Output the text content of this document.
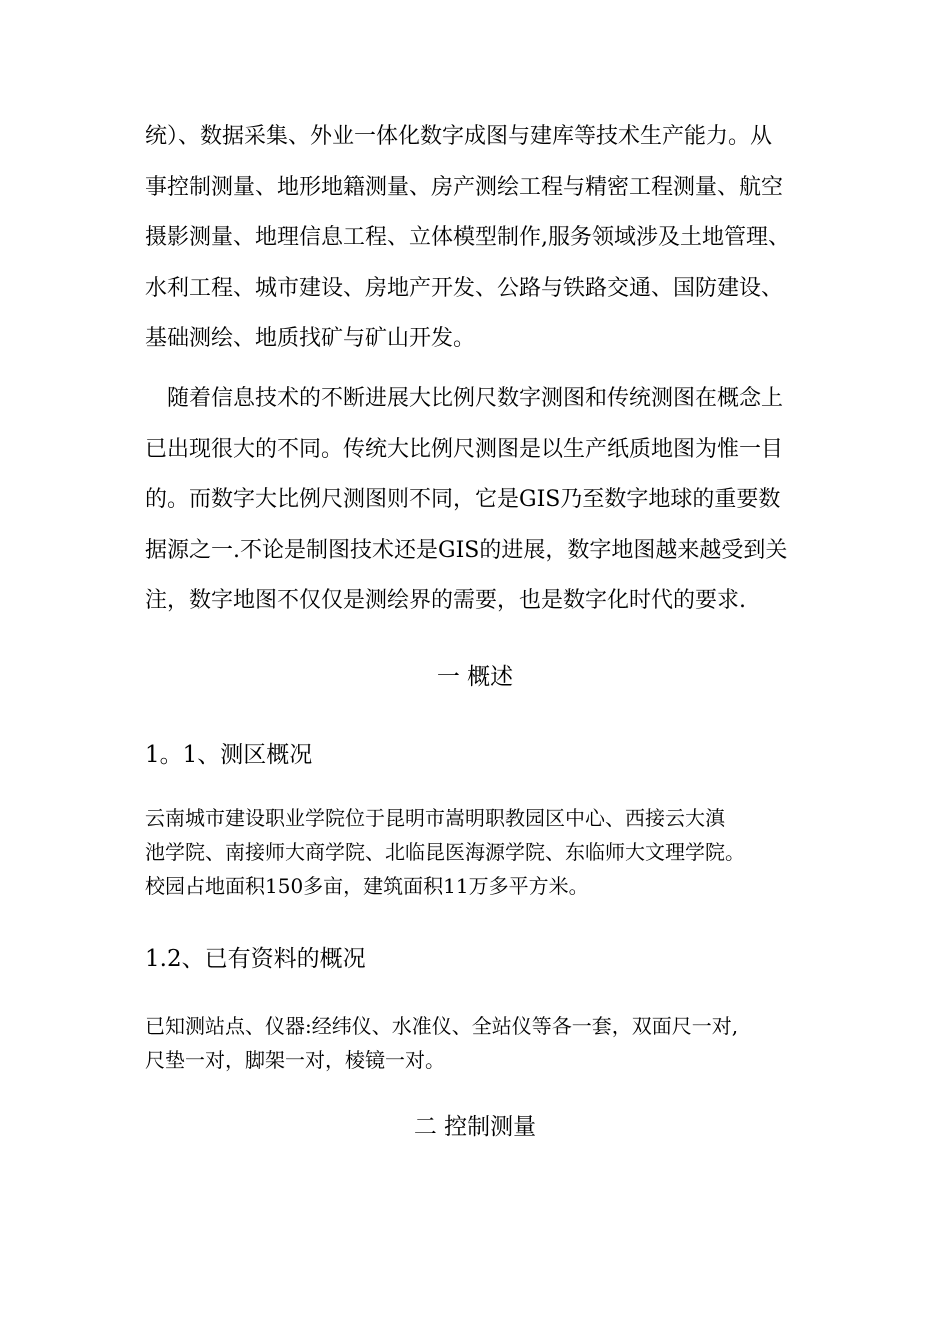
统）、数据采集、外业一体化数字成图与建库等技术生产能力。从
事控制测量、地形地籍测量、房产测绘工程与精密工程测量、航空
摄影测量、地理信息工程、立体模型制作,服务领域涉及土地管理、
水利工程、城市建设、房地产开发、公路与铁路交通、国防建设、
基础测绘、地质找矿与矿山开发。
随着信息技术的不断进展大比例尺数字测图和传统测图在概念上
已出现很大的不同。传统大比例尺测图是以生产纸质地图为惟一目
的。而数字大比例尺测图则不同，它是GIS乃至数字地球的重要数
据源之一.不论是制图技术还是GIS的进展，数字地图越来越受到关
注，数字地图不仅仅是测绘界的需要，也是数字化时代的要求.
一 概述
1。1、测区概况
云南城市建设职业学院位于昆明市嵩明职教园区中心、西接云大滇
池学院、南接师大商学院、北临昆医海源学院、东临师大文理学院。
校园占地面积150多亩，建筑面积11万多平方米。
1.2、已有资料的概况
已知测站点、仪器:经纬仪、水准仪、全站仪等各一套，双面尺一对,
尺垫一对，脚架一对，棱镜一对。
二 控制测量
